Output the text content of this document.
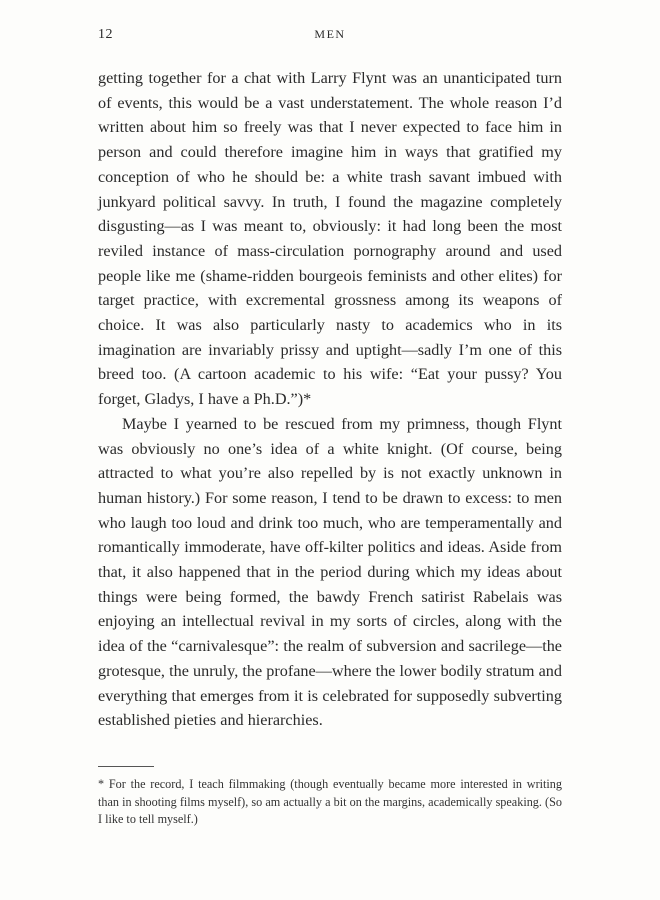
12	MEN

getting together for a chat with Larry Flynt was an unanticipated turn of events, this would be a vast understatement. The whole reason I’d written about him so freely was that I never expected to face him in person and could therefore imagine him in ways that gratified my conception of who he should be: a white trash savant imbued with junkyard political savvy. In truth, I found the magazine completely disgusting—as I was meant to, obviously: it had long been the most reviled instance of mass-circulation pornography around and used people like me (shame-ridden bourgeois feminists and other elites) for target practice, with excremental grossness among its weapons of choice. It was also particularly nasty to academics who in its imagination are invariably prissy and uptight—sadly I’m one of this breed too. (A cartoon academic to his wife: “Eat your pussy? You forget, Gladys, I have a Ph.D.”)*

Maybe I yearned to be rescued from my primness, though Flynt was obviously no one’s idea of a white knight. (Of course, being attracted to what you’re also repelled by is not exactly unknown in human history.) For some reason, I tend to be drawn to excess: to men who laugh too loud and drink too much, who are temperamentally and romantically immoderate, have off-kilter politics and ideas. Aside from that, it also happened that in the period during which my ideas about things were being formed, the bawdy French satirist Rabelais was enjoying an intellectual revival in my sorts of circles, along with the idea of the “carnivalesque”: the realm of subversion and sacrilege—the grotesque, the unruly, the profane—where the lower bodily stratum and everything that emerges from it is celebrated for supposedly subverting established pieties and hierarchies.

* For the record, I teach filmmaking (though eventually became more interested in writing than in shooting films myself), so am actually a bit on the margins, academically speaking. (So I like to tell myself.)
